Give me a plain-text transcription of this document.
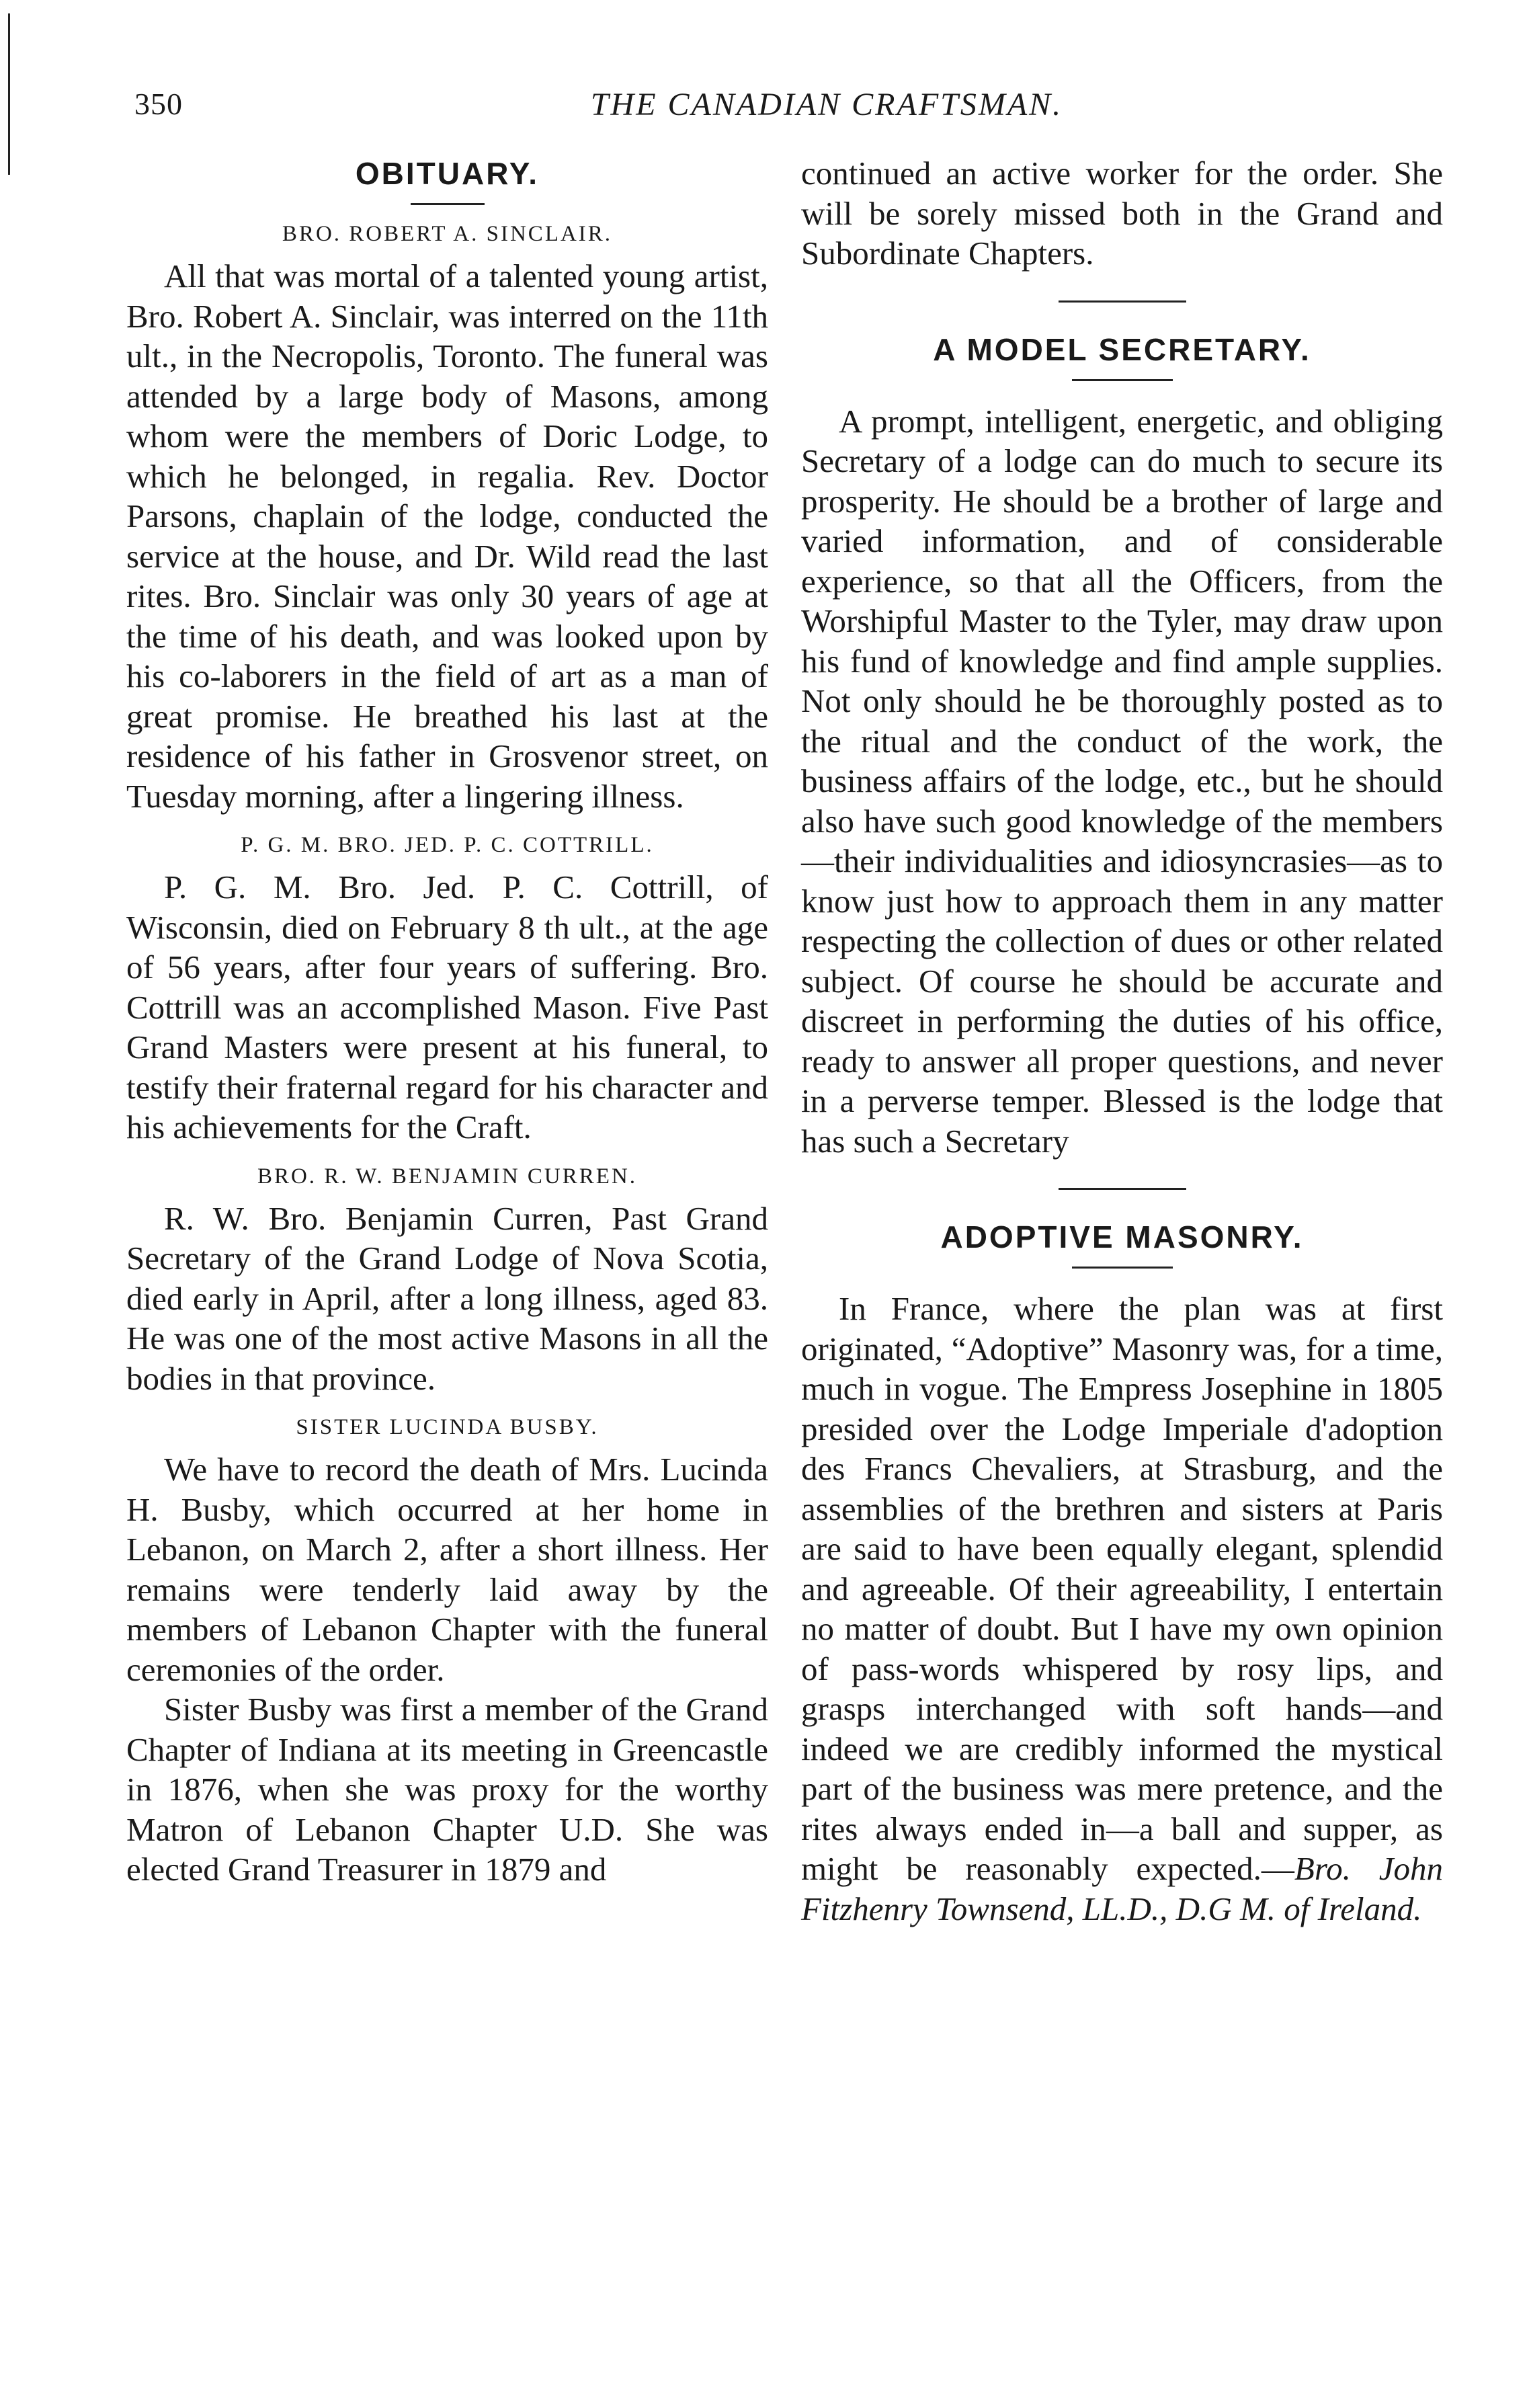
350	THE CANADIAN CRAFTSMAN.
OBITUARY.
BRO. ROBERT A. SINCLAIR.

All that was mortal of a talented young artist, Bro. Robert A. Sinclair, was interred on the 11th ult., in the Necropolis, Toronto. The funeral was attended by a large body of Masons, among whom were the members of Doric Lodge, to which he belonged, in regalia. Rev. Doctor Parsons, chaplain of the lodge, conducted the service at the house, and Dr. Wild read the last rites. Bro. Sinclair was only 30 years of age at the time of his death, and was looked upon by his co-laborers in the field of art as a man of great promise. He breathed his last at the residence of his father in Grosvenor street, on Tuesday morning, after a lingering illness.

P. G. M. BRO. JED. P. C. COTTRILL.

P. G. M. Bro. Jed. P. C. Cottrill, of Wisconsin, died on February 8 th ult., at the age of 56 years, after four years of suffering. Bro. Cottrill was an accomplished Mason. Five Past Grand Masters were present at his funeral, to testify their fraternal regard for his character and his achievements for the Craft.

BRO. R. W. BENJAMIN CURREN.

R. W. Bro. Benjamin Curren, Past Grand Secretary of the Grand Lodge of Nova Scotia, died early in April, after a long illness, aged 83. He was one of the most active Masons in all the bodies in that province.

SISTER LUCINDA BUSBY.

We have to record the death of Mrs. Lucinda H. Busby, which occurred at her home in Lebanon, on March 2, after a short illness. Her remains were tenderly laid away by the members of Lebanon Chapter with the funeral ceremonies of the order.

Sister Busby was first a member of the Grand Chapter of Indiana at its meeting in Greencastle in 1876, when she was proxy for the worthy Matron of Lebanon Chapter U.D. She was elected Grand Treasurer in 1879 and

continued an active worker for the order. She will be sorely missed both in the Grand and Subordinate Chapters.

A MODEL SECRETARY.

A prompt, intelligent, energetic, and obliging Secretary of a lodge can do much to secure its prosperity. He should be a brother of large and varied information, and of considerable experience, so that all the Officers, from the Worshipful Master to the Tyler, may draw upon his fund of knowledge and find ample supplies. Not only should he be thoroughly posted as to the ritual and the conduct of the work, the business affairs of the lodge, etc., but he should also have such good knowledge of the members—their individualities and idiosyncrasies—as to know just how to approach them in any matter respecting the collection of dues or other related subject. Of course he should be accurate and discreet in performing the duties of his office, ready to answer all proper questions, and never in a perverse temper. Blessed is the lodge that has such a Secretary

ADOPTIVE MASONRY.

In France, where the plan was at first originated, “Adoptive” Masonry was, for a time, much in vogue. The Empress Josephine in 1805 presided over the Lodge Imperiale d'adoption des Francs Chevaliers, at Strasburg, and the assemblies of the brethren and sisters at Paris are said to have been equally elegant, splendid and agreeable. Of their agreeability, I entertain no matter of doubt. But I have my own opinion of pass-words whispered by rosy lips, and grasps interchanged with soft hands—and indeed we are credibly informed the mystical part of the business was mere pretence, and the rites always ended in—a ball and supper, as might be reasonably expected.—Bro. John Fitzhenry Townsend, LL.D., D.G M. of Ireland.
